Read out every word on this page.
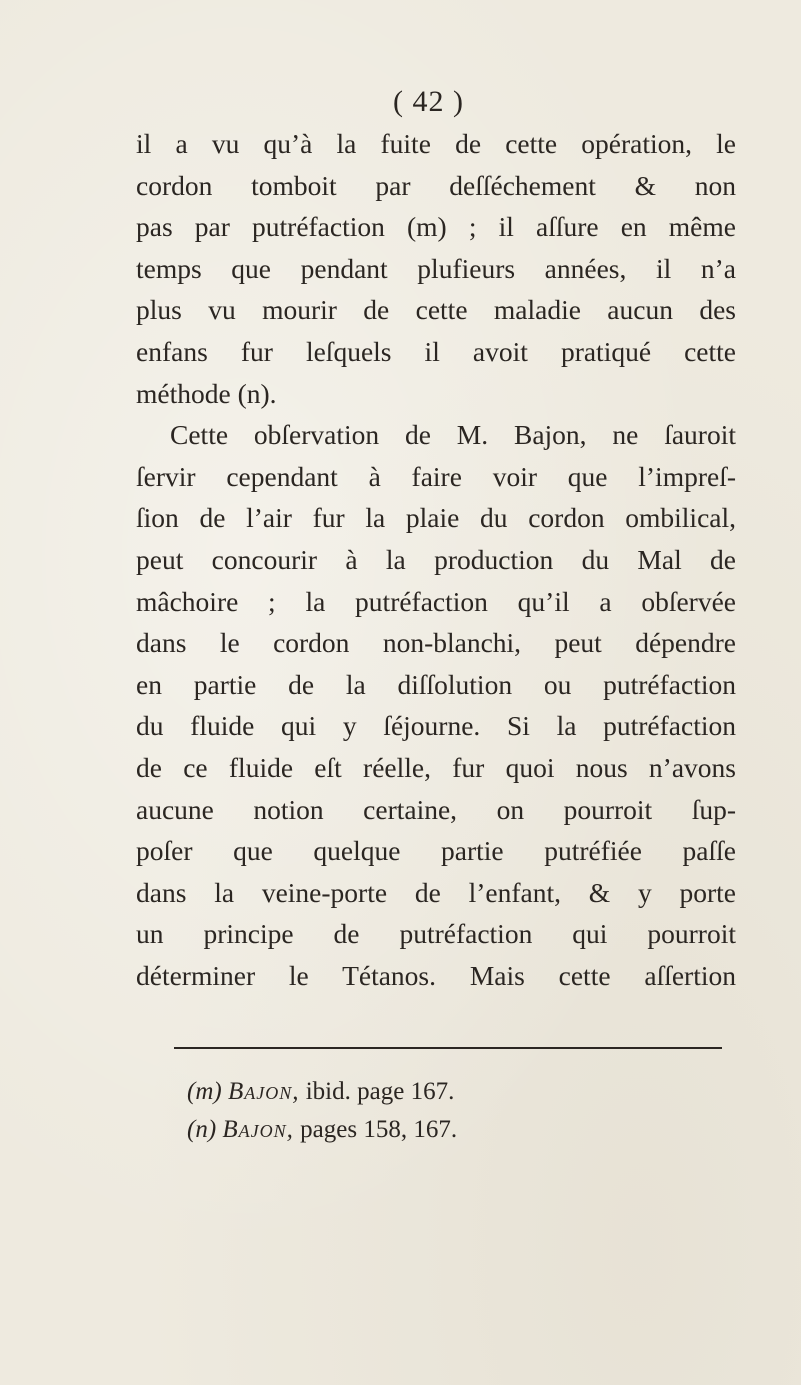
( 42 )
il a vu qu’à la fuite de cette opération, le
cordon tomboit par deſſéchement & non
pas par putréfaction (m) ; il aſſure en même
temps que pendant plufieurs années, il n’a
plus vu mourir de cette maladie aucun des
enfans fur leſquels il avoit pratiqué cette
méthode (n).
Cette obſervation de M. Bajon, ne ſauroit
ſervir cependant à faire voir que l’impreſ-
ſion de l’air fur la plaie du cordon ombilical,
peut concourir à la production du Mal de
mâchoire ; la putréfaction qu’il a obſervée
dans le cordon non-blanchi, peut dépendre
en partie de la diſſolution ou putréfaction
du fluide qui y ſéjourne. Si la putréfaction
de ce fluide eſt réelle, fur quoi nous n’avons
aucune notion certaine, on pourroit ſup-
poſer que quelque partie putréfiée paſſe
dans la veine-porte de l’enfant, & y porte
un principe de putréfaction qui pourroit
déterminer le Tétanos. Mais cette aſſertion
(m) Bajon, ibid. page 167.
(n) Bajon, pages 158, 167.
